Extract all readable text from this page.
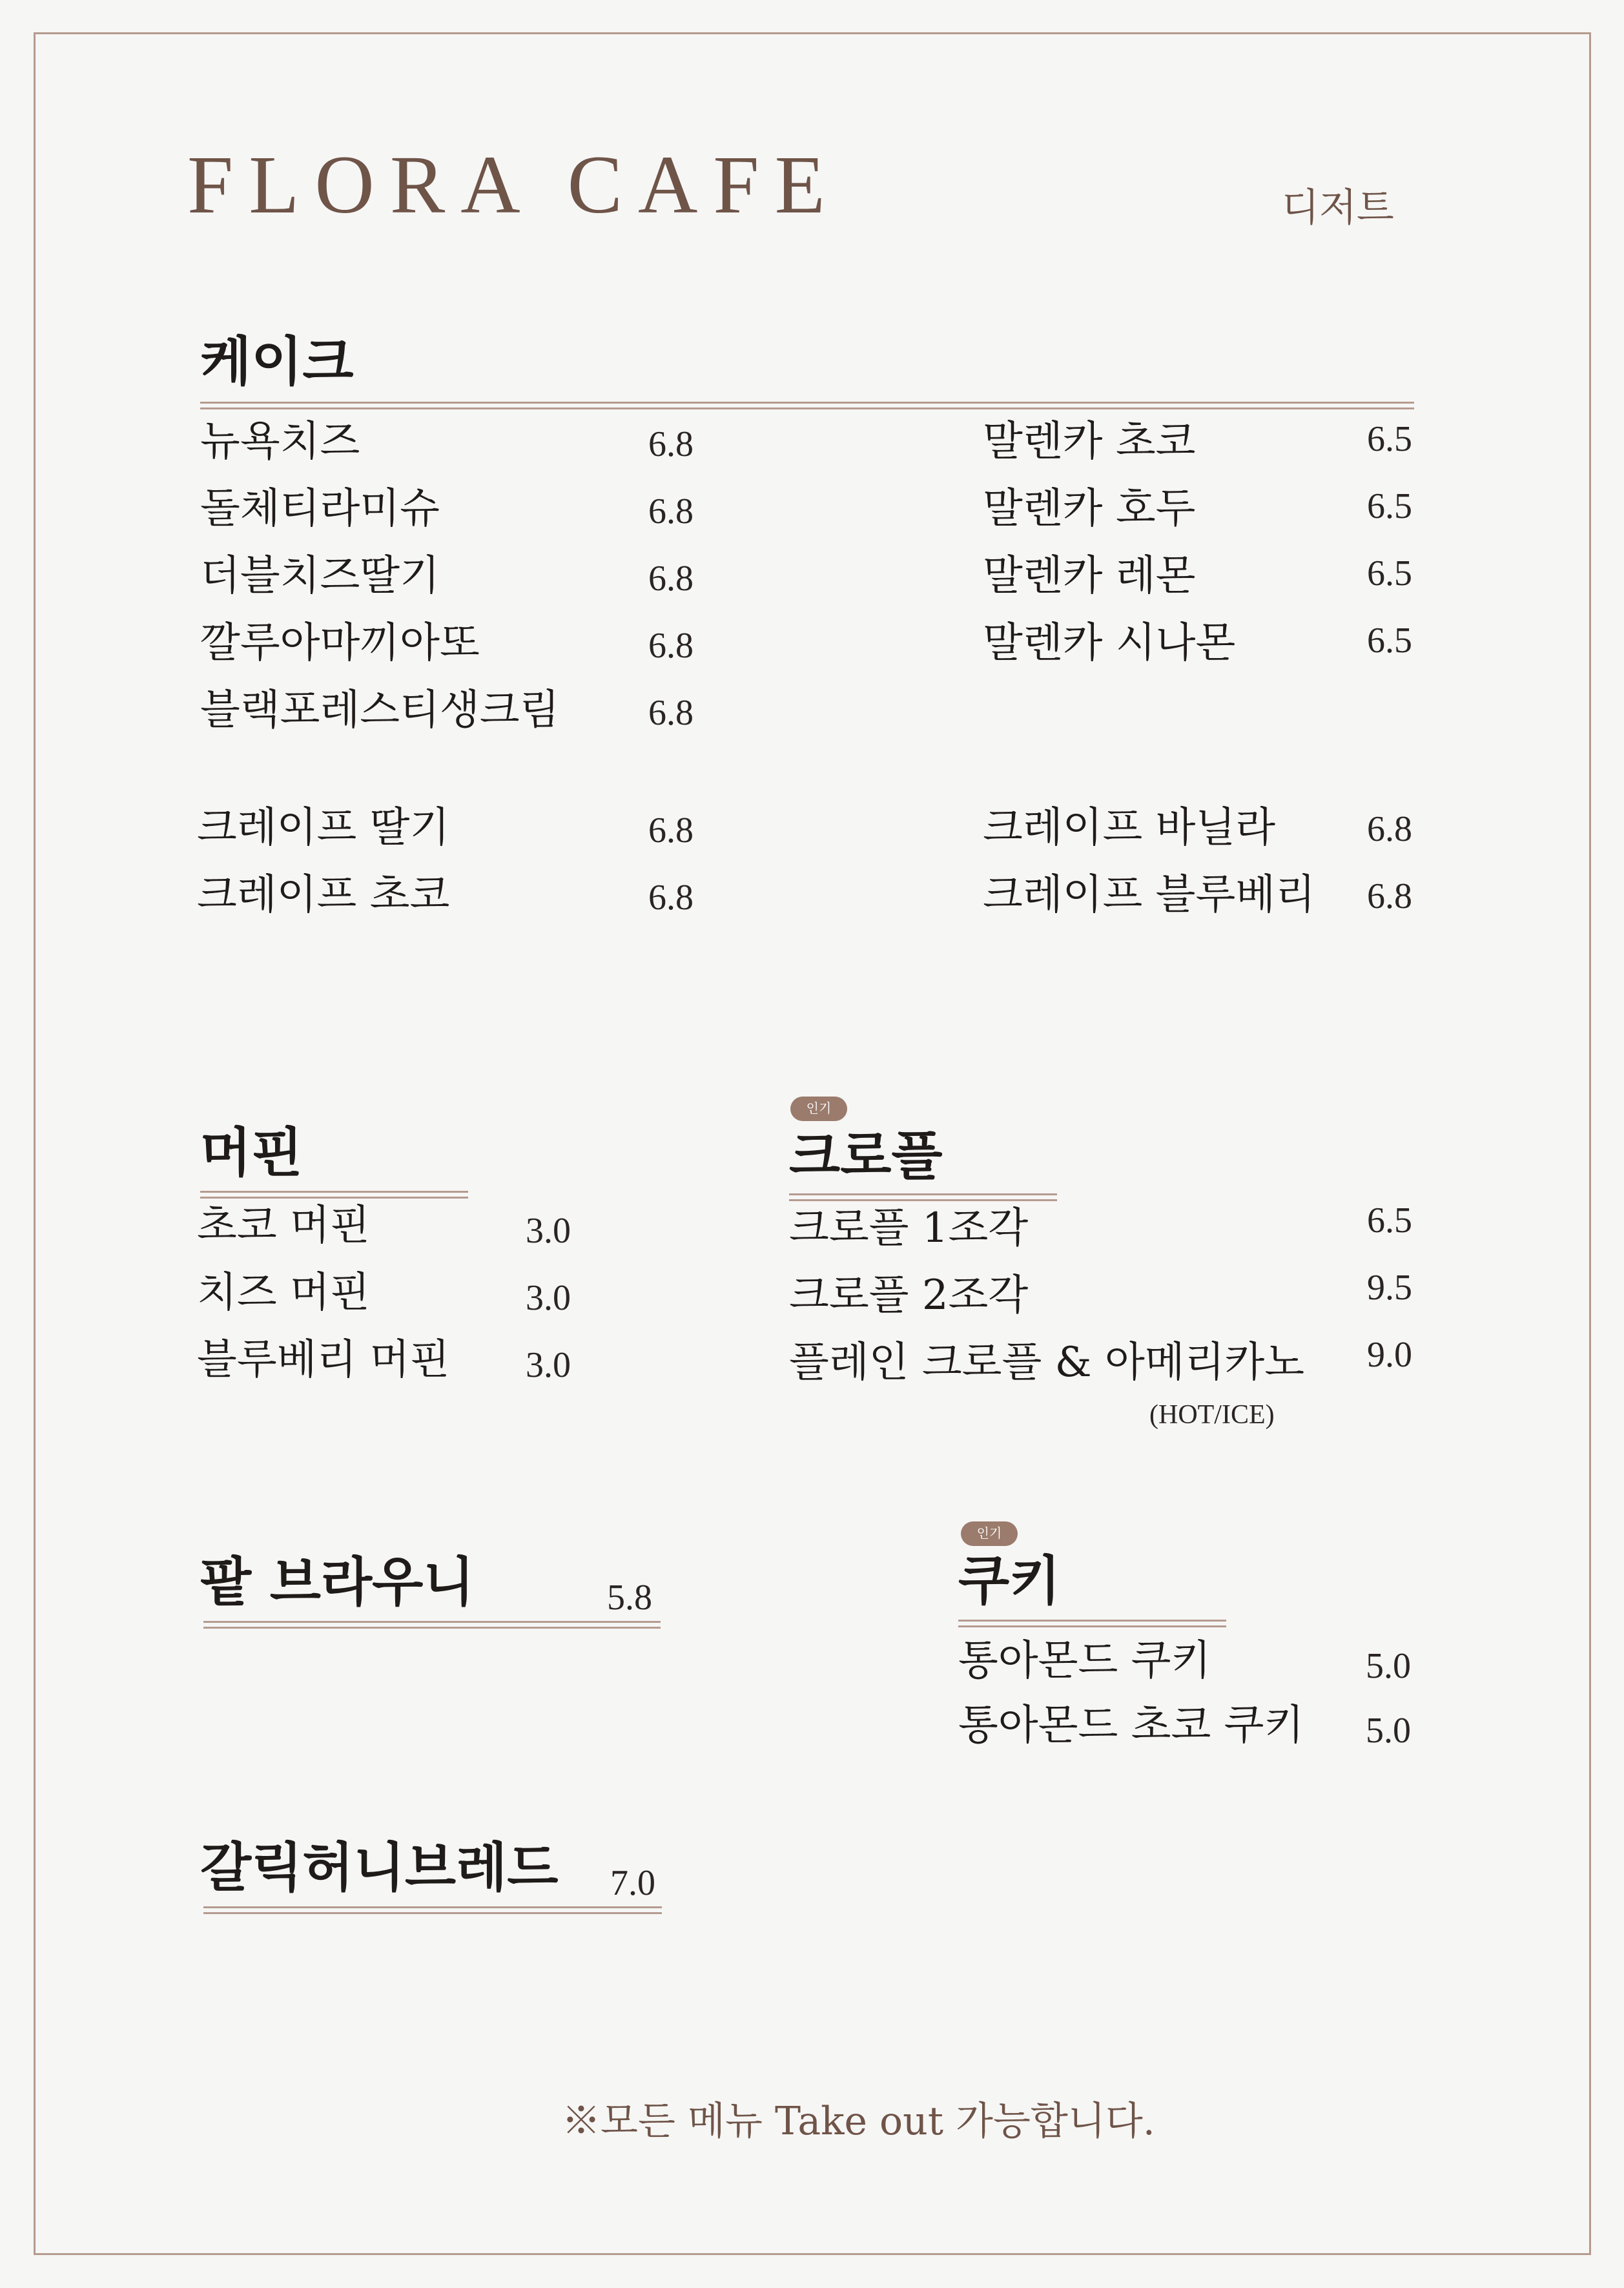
FLORA CAFE	디저트
케이크
뉴욕치즈	6.8
돌체티라미슈	6.8
더블치즈딸기	6.8
깔루아마끼아또	6.8
블랙포레스티생크림 6.8
말렌카 초코	6.5
말렌카 호두	6.5
말렌카 레몬	6.5
말렌카 시나몬	6.5
크레이프 딸기	6.8
크레이프 초코	6.8
크레이프 바닐라	6.8
크레이프 블루베리 6.8
머핀
초코 머핀	3.0
치즈 머핀	3.0
블루베리 머핀 3.0
인기
크로플
크로플 1조각	6.5
크로플 2조각	9.5
플레인 크로플 & 아메리카노 9.0
(HOT/ICE)
팥 브라우니	5.8
인기
쿠키
통아몬드 쿠키	5.0
통아몬드 초코 쿠키 5.0
갈릭허니브레드 7.0
※모든 메뉴 Take out 가능합니다.
